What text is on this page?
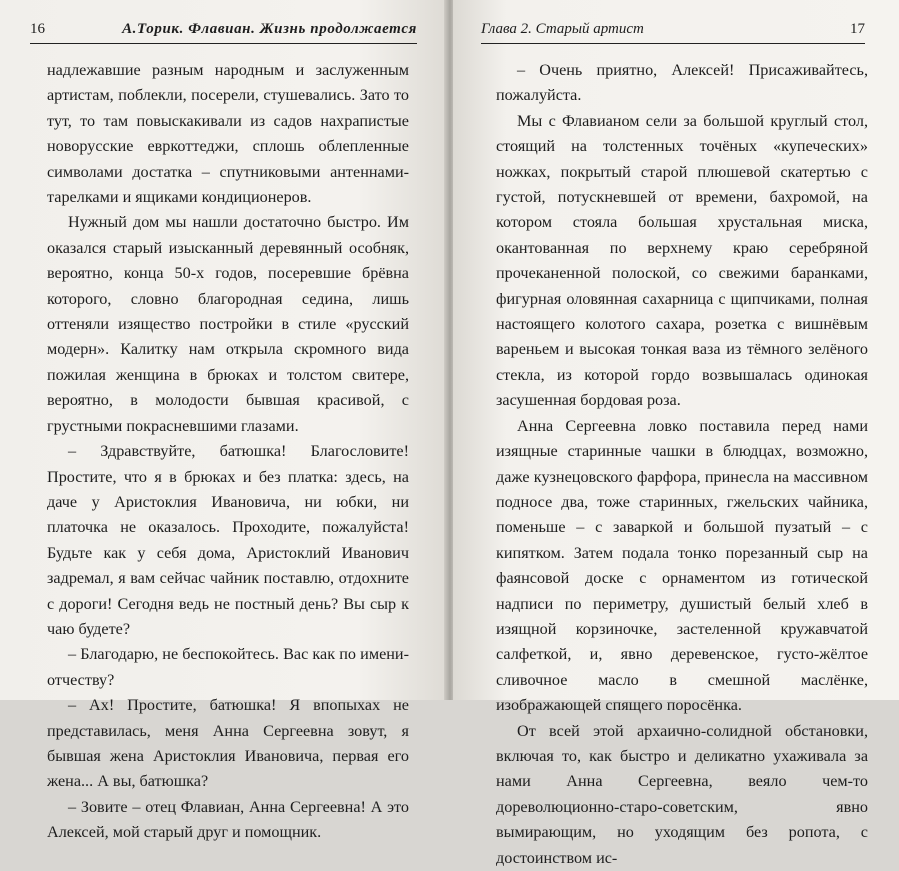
16	А.Торик. Флавиан. Жизнь продолжается

надлежавшие разным народным и заслуженным артистам, поблекли, посерели, стушевались. Зато то тут, то там повыскакивали из садов нахрапистые новорусские евркоттеджи, сплошь облепленные символами достатка – спутниковыми антеннами-тарелками и ящиками кондиционеров.

Нужный дом мы нашли достаточно быстро. Им оказался старый изысканный деревянный особняк, вероятно, конца 50-х годов, посеревшие брёвна которого, словно благородная седина, лишь оттеняли изящество постройки в стиле «русский модерн». Калитку нам открыла скромного вида пожилая женщина в брюках и толстом свитере, вероятно, в молодости бывшая красивой, с грустными покрасневшими глазами.

– Здравствуйте, батюшка! Благословите! Простите, что я в брюках и без платка: здесь, на даче у Аристоклия Ивановича, ни юбки, ни платочка не оказалось. Проходите, пожалуйста! Будьте как у себя дома, Аристоклий Иванович задремал, я вам сейчас чайник поставлю, отдохните с дороги! Сегодня ведь не постный день? Вы сыр к чаю будете?

– Благодарю, не беспокойтесь. Вас как по имени-отчеству?

– Ах! Простите, батюшка! Я впопыхах не представилась, меня Анна Сергеевна зовут, я бывшая жена Аристоклия Ивановича, первая его жена... А вы, батюшка?

– Зовите – отец Флавиан, Анна Сергеевна! А это Алексей, мой старый друг и помощник.

Глава 2. Старый артист	17

– Очень приятно, Алексей! Присаживайтесь, пожалуйста.

Мы с Флавианом сели за большой круглый стол, стоящий на толстенных точёных «купеческих» ножках, покрытый старой плюшевой скатертью с густой, потускневшей от времени, бахромой, на котором стояла большая хрустальная миска, окантованная по верхнему краю серебряной прочеканенной полоской, со свежими баранками, фигурная оловянная сахарница с щипчиками, полная настоящего колотого сахара, розетка с вишнёвым вареньем и высокая тонкая ваза из тёмного зелёного стекла, из которой гордо возвышалась одинокая засушенная бордовая роза.

Анна Сергеевна ловко поставила перед нами изящные старинные чашки в блюдцах, возможно, даже кузнецовского фарфора, принесла на массивном подносе два, тоже старинных, гжельских чайника, поменьше – с заваркой и большой пузатый – с кипятком. Затем подала тонко порезанный сыр на фаянсовой доске с орнаментом из готической надписи по периметру, душистый белый хлеб в изящной корзиночке, застеленной кружавчатой салфеткой, и, явно деревенское, густо-жёлтое сливочное масло в смешной маслёнке, изображающей спящего поросёнка.

От всей этой архаично-солидной обстановки, включая то, как быстро и деликатно ухаживала за нами Анна Сергеевна, веяло чем-то дореволюционно-старо-советским, явно вымирающим, но уходящим без ропота, с достоинством ис-
